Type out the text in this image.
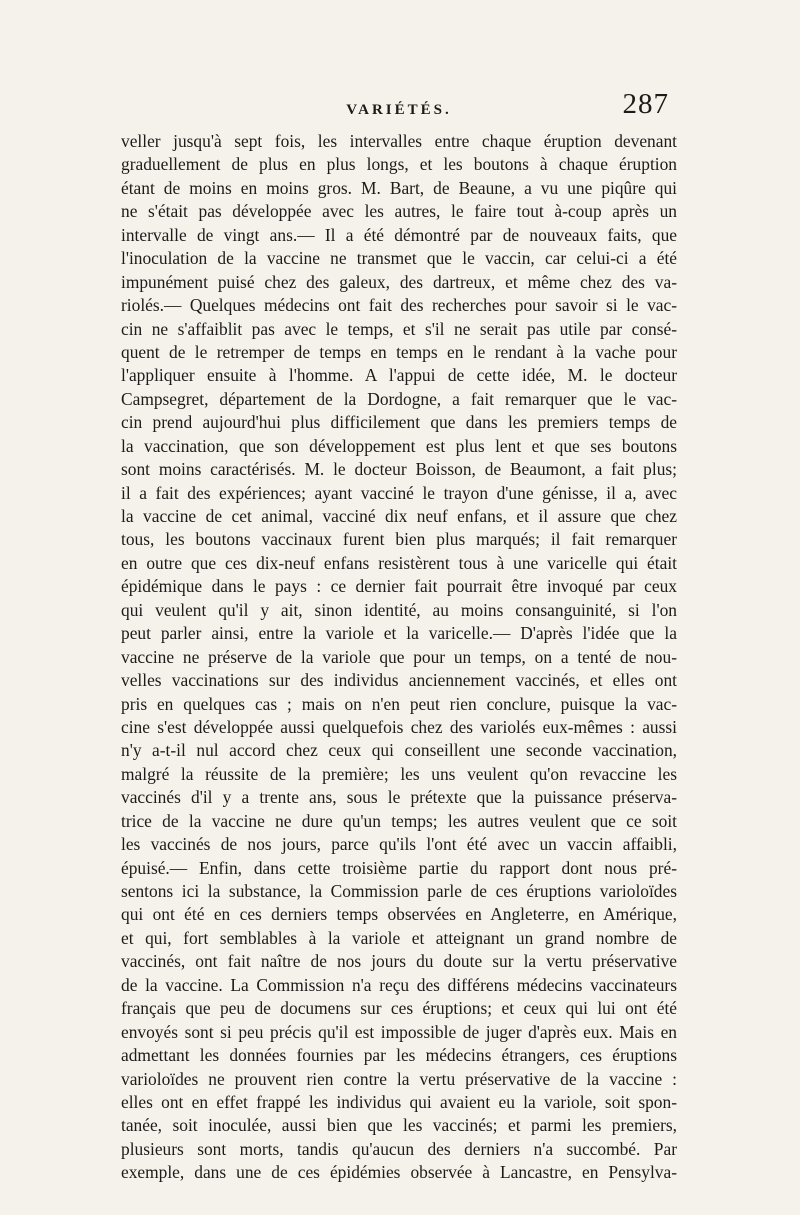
VARIÉTÉS.	287
veller jusqu'à sept fois, les intervalles entre chaque éruption devenant
graduellement de plus en plus longs, et les boutons à chaque éruption
étant de moins en moins gros. M. Bart, de Beaune, a vu une piqûre qui
ne s'était pas développée avec les autres, le faire tout à-coup après un
intervalle de vingt ans.— Il a été démontré par de nouveaux faits, que
l'inoculation de la vaccine ne transmet que le vaccin, car celui-ci a été
impunément puisé chez des galeux, des dartreux, et même chez des va-
riolés.— Quelques médecins ont fait des recherches pour savoir si le vac-
cin ne s'affaiblit pas avec le temps, et s'il ne serait pas utile par consé-
quent de le retremper de temps en temps en le rendant à la vache pour
l'appliquer ensuite à l'homme. A l'appui de cette idée, M. le docteur
Campsegret, département de la Dordogne, a fait remarquer que le vac-
cin prend aujourd'hui plus difficilement que dans les premiers temps de
la vaccination, que son développement est plus lent et que ses boutons
sont moins caractérisés. M. le docteur Boisson, de Beaumont, a fait plus;
il a fait des expériences; ayant vacciné le trayon d'une génisse, il a, avec
la vaccine de cet animal, vacciné dix neuf enfans, et il assure que chez
tous, les boutons vaccinaux furent bien plus marqués; il fait remarquer
en outre que ces dix-neuf enfans resistèrent tous à une varicelle qui était
épidémique dans le pays : ce dernier fait pourrait être invoqué par ceux
qui veulent qu'il y ait, sinon identité, au moins consanguinité, si l'on
peut parler ainsi, entre la variole et la varicelle.— D'après l'idée que la
vaccine ne préserve de la variole que pour un temps, on a tenté de nou-
velles vaccinations sur des individus anciennement vaccinés, et elles ont
pris en quelques cas ; mais on n'en peut rien conclure, puisque la vac-
cine s'est développée aussi quelquefois chez des variolés eux-mêmes : aussi
n'y a-t-il nul accord chez ceux qui conseillent une seconde vaccination,
malgré la réussite de la première; les uns veulent qu'on revaccine les
vaccinés d'il y a trente ans, sous le prétexte que la puissance préserva-
trice de la vaccine ne dure qu'un temps; les autres veulent que ce soit
les vaccinés de nos jours, parce qu'ils l'ont été avec un vaccin affaibli,
épuisé.— Enfin, dans cette troisième partie du rapport dont nous pré-
sentons ici la substance, la Commission parle de ces éruptions varioloïdes
qui ont été en ces derniers temps observées en Angleterre, en Amérique,
et qui, fort semblables à la variole et atteignant un grand nombre de
vaccinés, ont fait naître de nos jours du doute sur la vertu préservative
de la vaccine. La Commission n'a reçu des différens médecins vaccinateurs
français que peu de documens sur ces éruptions; et ceux qui lui ont été
envoyés sont si peu précis qu'il est impossible de juger d'après eux. Mais en
admettant les données fournies par les médecins étrangers, ces éruptions
varioloïdes ne prouvent rien contre la vertu préservative de la vaccine :
elles ont en effet frappé les individus qui avaient eu la variole, soit spon-
tanée, soit inoculée, aussi bien que les vaccinés; et parmi les premiers,
plusieurs sont morts, tandis qu'aucun des derniers n'a succombé. Par
exemple, dans une de ces épidémies observée à Lancastre, en Pensylva-
